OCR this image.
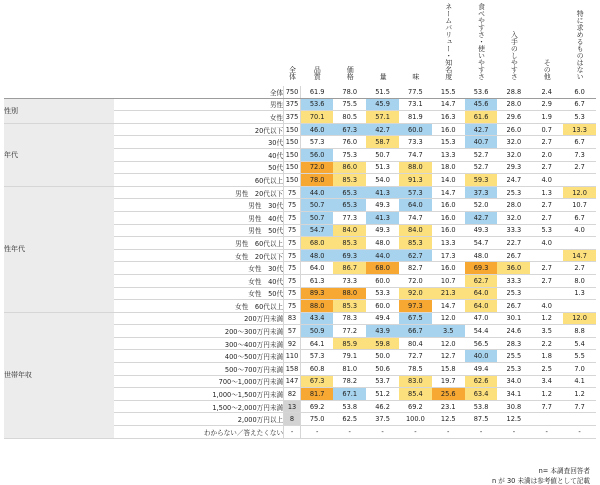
		全体	品質	価格	量	味	ネームバリュー・知名度	食べやすさ・使いやすさ	入手のしやすさ	その他	特に求めるものはない
	全体	750	61.9	78.0	51.5	77.5	15.5	53.6	28.8	2.4	6.0
性別	男性	375	53.6	75.5	45.9	73.1	14.7	45.6	28.0	2.9	6.7
	女性	375	70.1	80.5	57.1	81.9	16.3	61.6	29.6	1.9	5.3
年代	20代以下	150	46.0	67.3	42.7	60.0	16.0	42.7	26.0	0.7	13.3
	30代	150	57.3	76.0	58.7	73.3	15.3	40.7	32.0	2.7	6.7
	40代	150	56.0	75.3	50.7	74.7	13.3	52.7	32.0	2.0	7.3
	50代	150	72.0	86.0	51.3	88.0	18.0	52.7	29.3	2.7	2.7
	60代以上	150	78.0	85.3	54.0	91.3	14.0	59.3	24.7	4.0	
性年代	男性　20代以下	75	44.0	65.3	41.3	57.3	14.7	37.3	25.3	1.3	12.0
	男性　30代	75	50.7	65.3	49.3	64.0	16.0	52.0	28.0	2.7	10.7
	男性　40代	75	50.7	77.3	41.3	74.7	16.0	42.7	32.0	2.7	6.7
	男性　50代	75	54.7	84.0	49.3	84.0	16.0	49.3	33.3	5.3	4.0
	男性　60代以上	75	68.0	85.3	48.0	85.3	13.3	54.7	22.7	4.0	
	女性　20代以下	75	48.0	69.3	44.0	62.7	17.3	48.0	26.7		14.7
	女性　30代	75	64.0	86.7	68.0	82.7	16.0	69.3	36.0	2.7	2.7
	女性　40代	75	61.3	73.3	60.0	72.0	10.7	62.7	33.3	2.7	8.0
	女性　50代	75	89.3	88.0	53.3	92.0	21.3	64.0	25.3		1.3
	女性　60代以上	75	88.0	85.3	60.0	97.3	14.7	64.0	26.7	4.0	
世帯年収	200万円未満	83	43.4	78.3	49.4	67.5	12.0	47.0	30.1	1.2	12.0
	200～300万円未満	57	50.9	77.2	43.9	66.7	3.5	54.4	24.6	3.5	8.8
	300～400万円未満	92	64.1	85.9	59.8	80.4	12.0	56.5	28.3	2.2	5.4
	400～500万円未満	110	57.3	79.1	50.0	72.7	12.7	40.0	25.5	1.8	5.5
	500～700万円未満	158	60.8	81.0	50.6	78.5	15.8	49.4	25.3	2.5	7.0
	700～1,000万円未満	147	67.3	78.2	53.7	83.0	19.7	62.6	34.0	3.4	4.1
	1,000～1,500万円未満	82	81.7	67.1	51.2	85.4	25.6	63.4	34.1	1.2	1.2
	1,500～2,000万円未満	13	69.2	53.8	46.2	69.2	23.1	53.8	30.8	7.7	7.7
	2,000万円以上	8	75.0	62.5	37.5	100.0	12.5	87.5	12.5		
	わからない／答えたくない	-	-	-	-	-	-	-	-	-	-
n= 本調査回答者
n が 30 未満は参考値として記載
